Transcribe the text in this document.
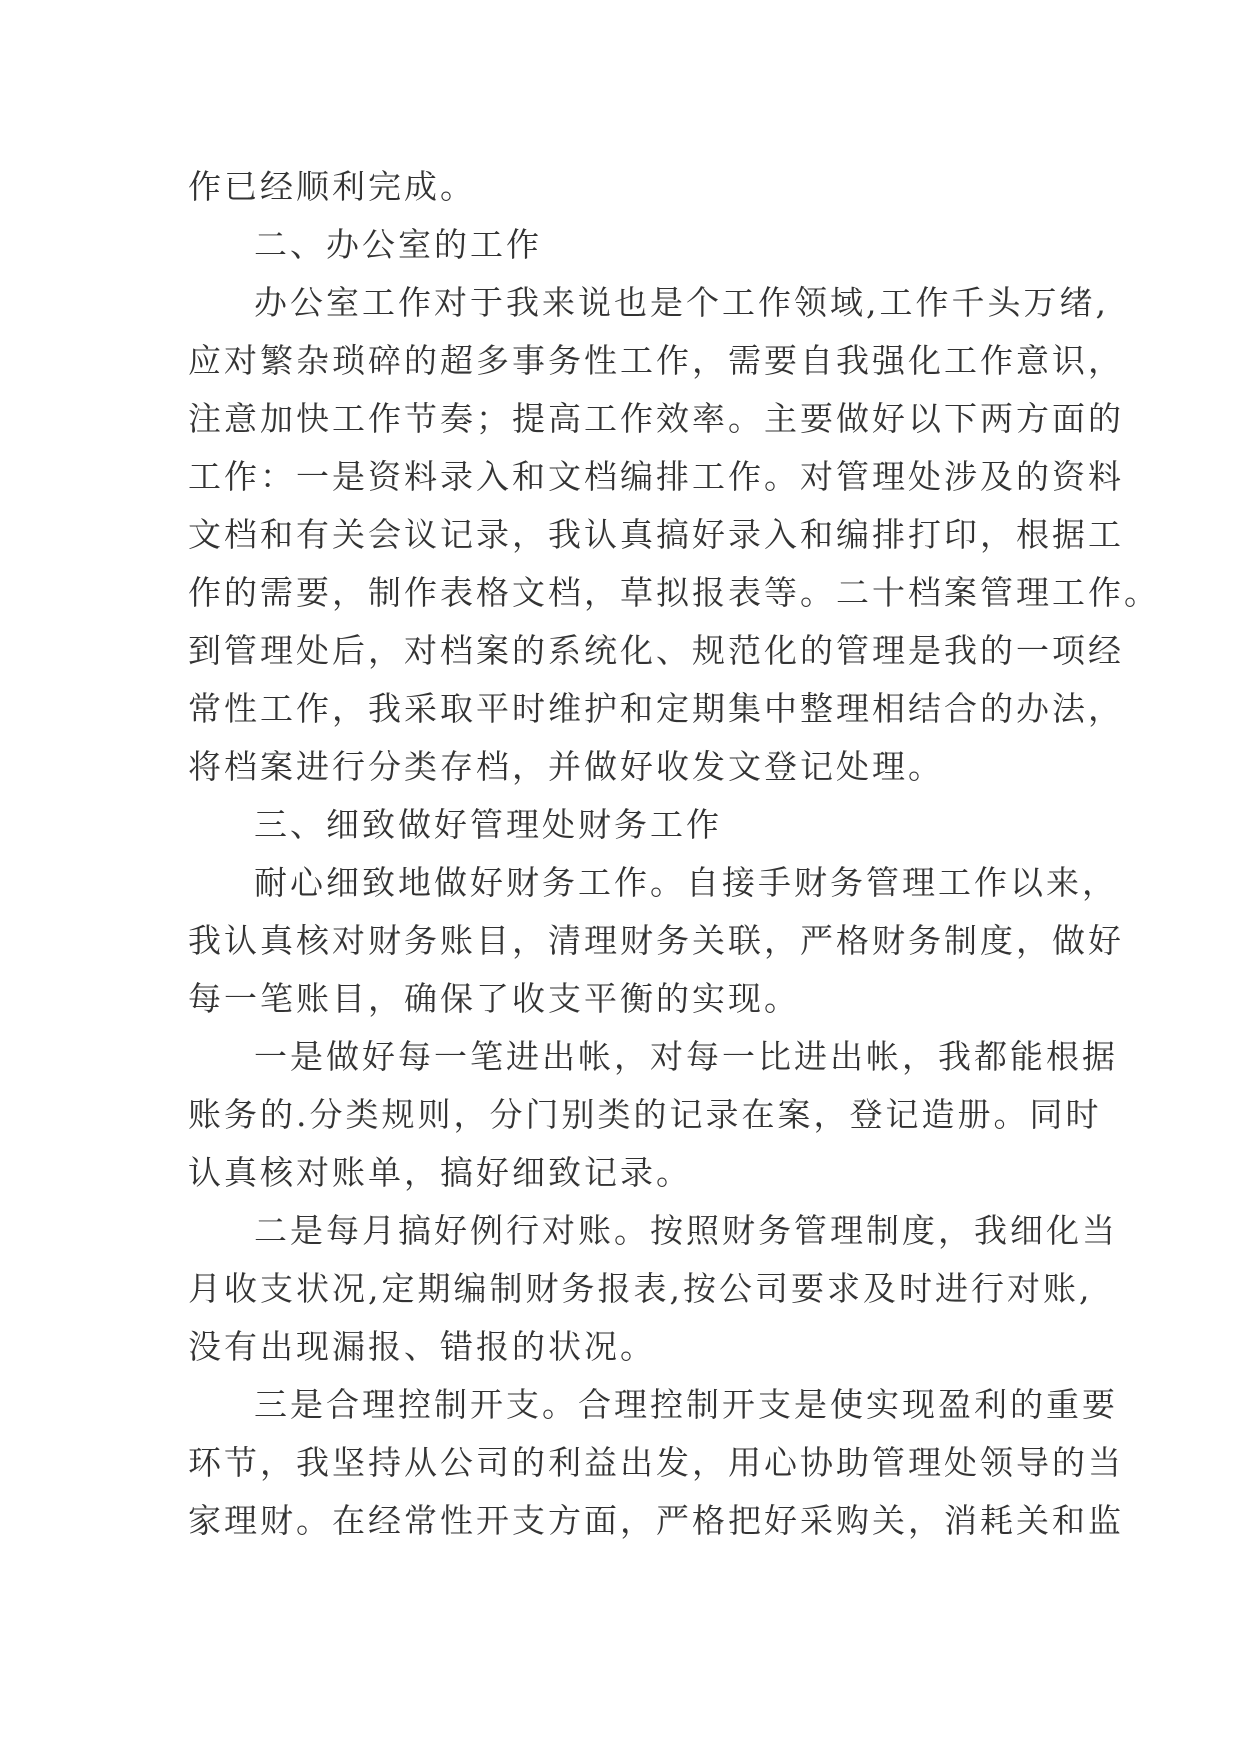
作已经顺利完成。
二、办公室的工作
办公室工作对于我来说也是个工作领域,工作千头万绪,
应对繁杂琐碎的超多事务性工作，需要自我强化工作意识，
注意加快工作节奏；提高工作效率。主要做好以下两方面的
工作：一是资料录入和文档编排工作。对管理处涉及的资料
文档和有关会议记录，我认真搞好录入和编排打印，根据工
作的需要，制作表格文档，草拟报表等。二十档案管理工作。
到管理处后，对档案的系统化、规范化的管理是我的一项经
常性工作，我采取平时维护和定期集中整理相结合的办法，
将档案进行分类存档，并做好收发文登记处理。
三、细致做好管理处财务工作
耐心细致地做好财务工作。自接手财务管理工作以来，
我认真核对财务账目，清理财务关联，严格财务制度，做好
每一笔账目，确保了收支平衡的实现。
一是做好每一笔进出帐，对每一比进出帐，我都能根据
账务的.分类规则，分门别类的记录在案，登记造册。同时
认真核对账单，搞好细致记录。
二是每月搞好例行对账。按照财务管理制度，我细化当
月收支状况,定期编制财务报表,按公司要求及时进行对账,
没有出现漏报、错报的状况。
三是合理控制开支。合理控制开支是使实现盈利的重要
环节，我坚持从公司的利益出发，用心协助管理处领导的当
家理财。在经常性开支方面，严格把好采购关，消耗关和监
